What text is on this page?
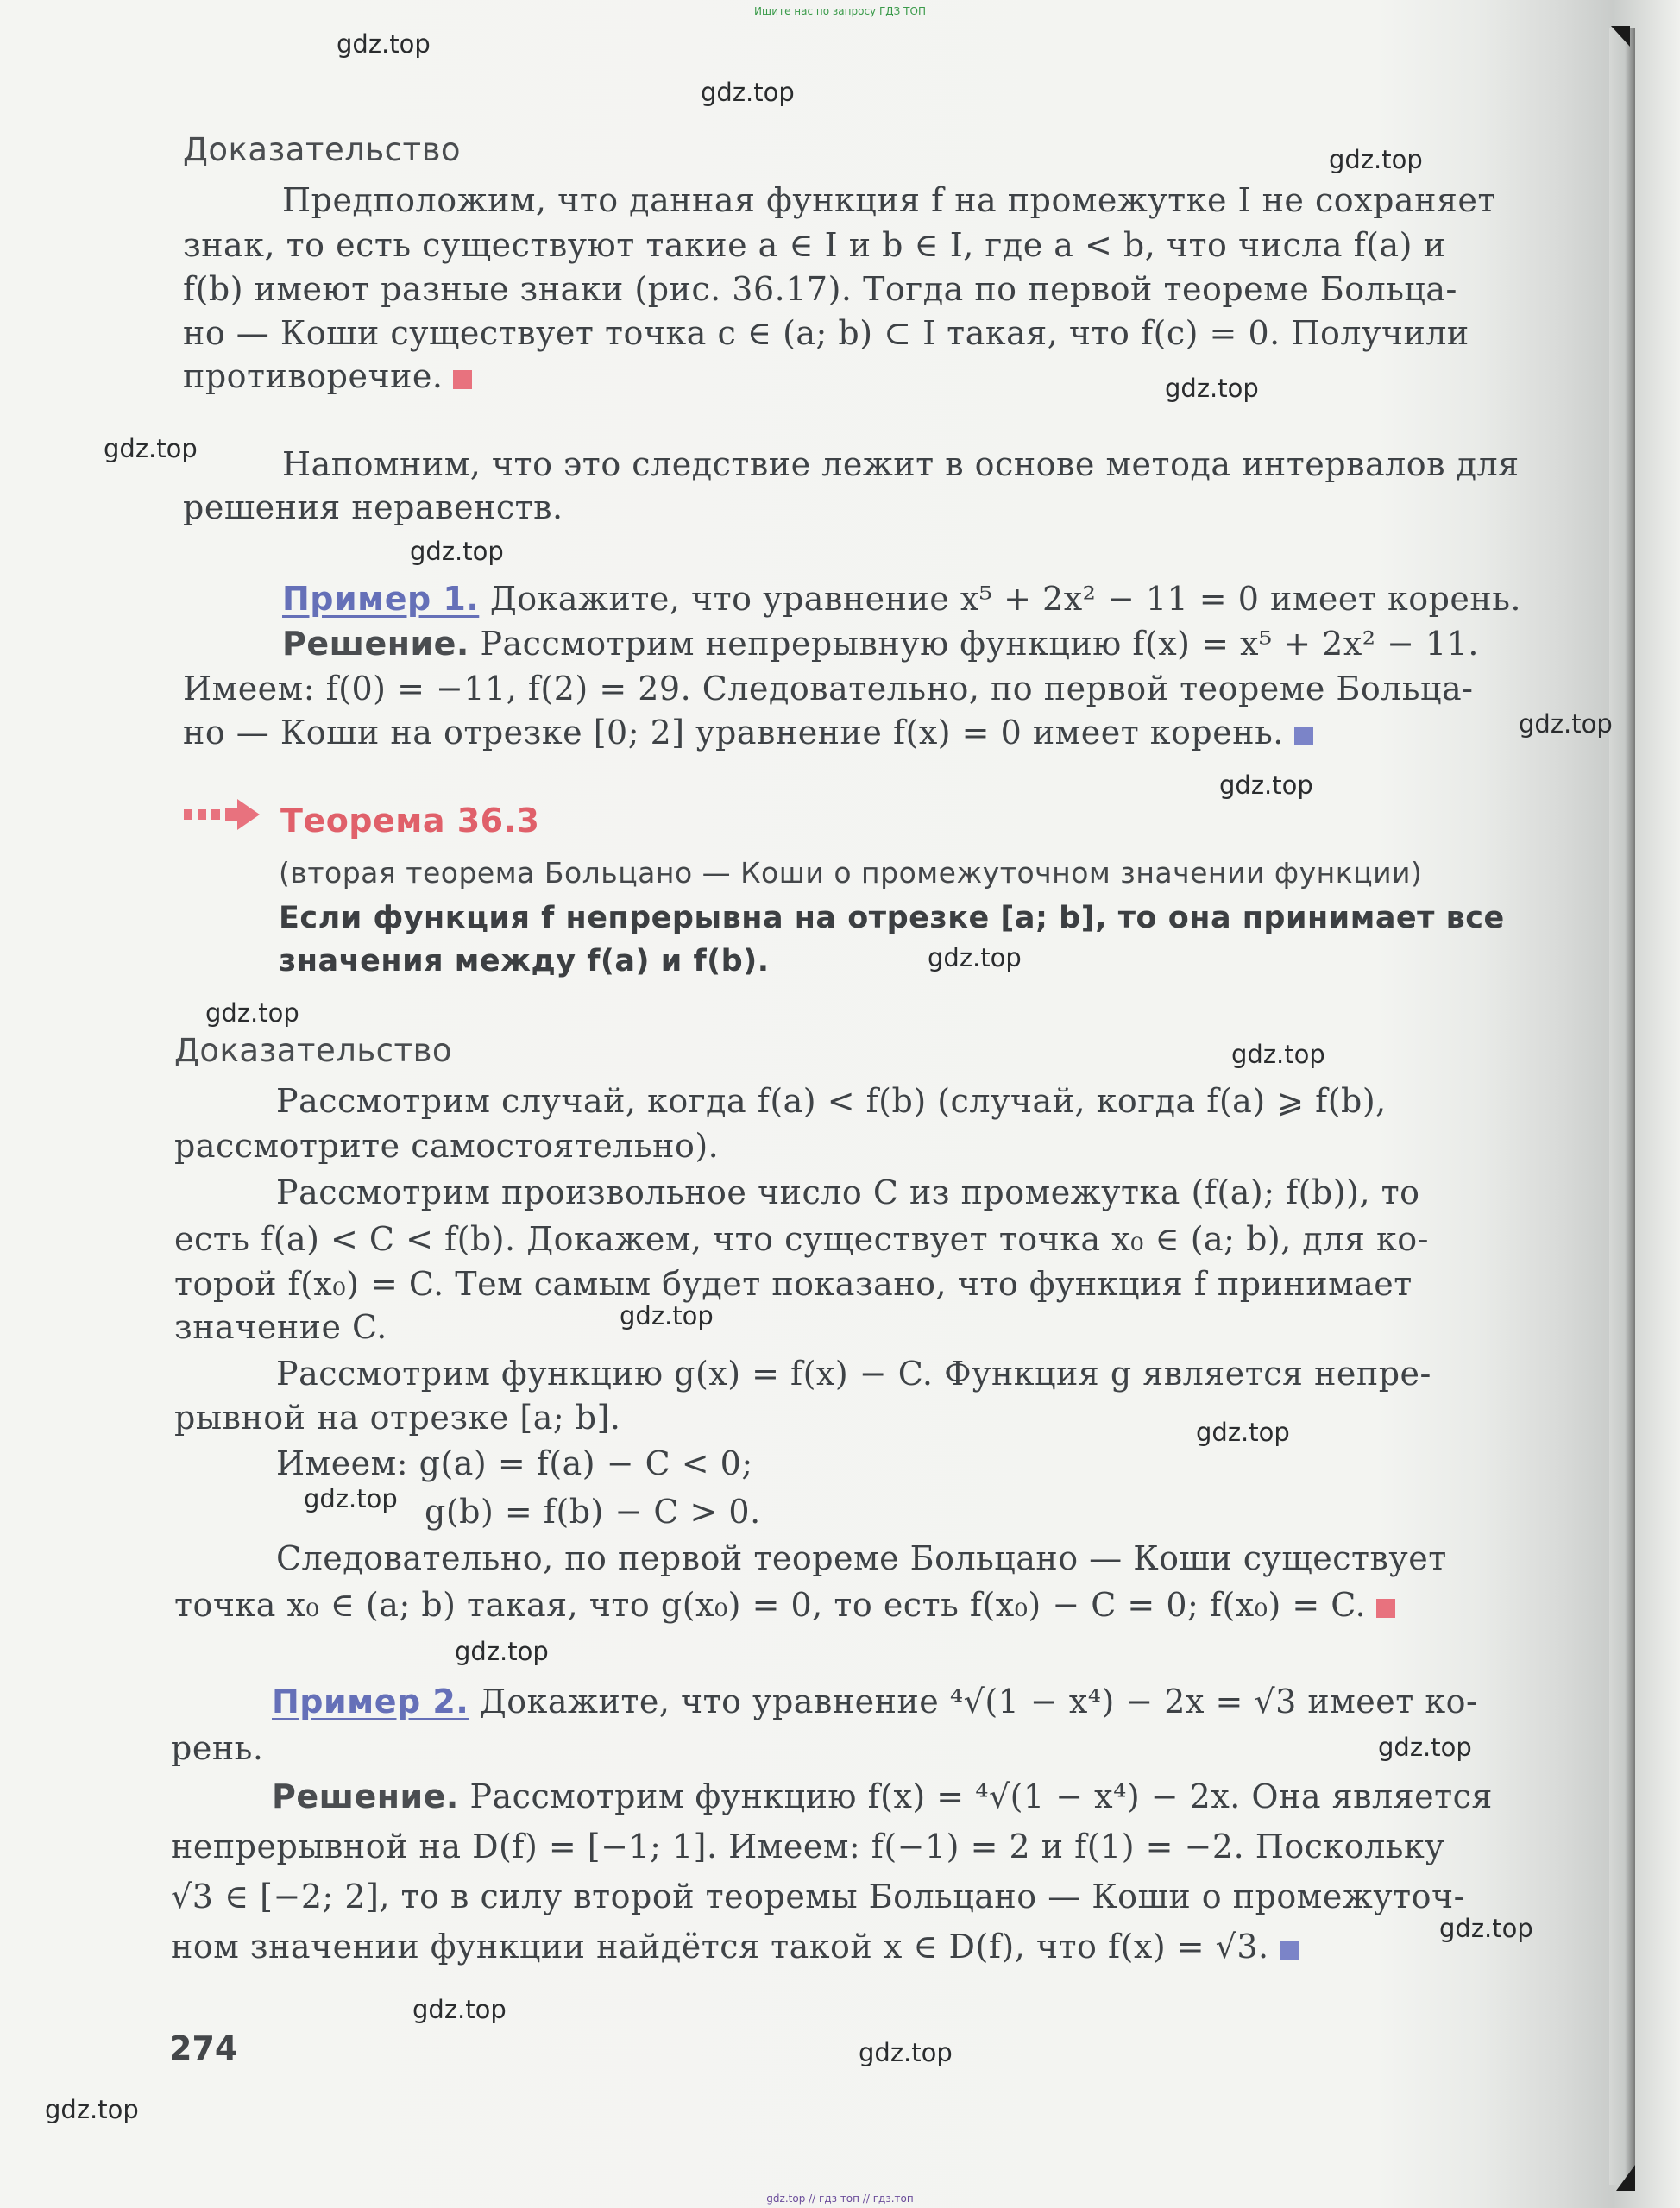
Ищите нас по запросу ГДЗ ТОП
gdz.top
gdz.top
gdz.top
gdz.top
gdz.top
gdz.top
gdz.top
gdz.top
gdz.top
gdz.top
gdz.top
gdz.top
gdz.top
gdz.top
gdz.top
gdz.top
gdz.top
gdz.top
gdz.top
gdz.top
Доказательство
Предположим, что данная функция f на промежутке I не сохраняет
знак, то есть существуют такие a ∈ I и b ∈ I, где a < b, что числа f(a) и
f(b) имеют разные знаки (рис. 36.17). Тогда по первой теореме Больца-
но — Коши существует точка c ∈ (a; b) ⊂ I такая, что f(c) = 0. Получили
противоречие.
Напомним, что это следствие лежит в основе метода интервалов для
решения неравенств.
Пример 1. Докажите, что уравнение x⁵ + 2x² − 11 = 0 имеет корень.
Решение. Рассмотрим непрерывную функцию f(x) = x⁵ + 2x² − 11.
Имеем: f(0) = −11, f(2) = 29. Следовательно, по первой теореме Больца-
но — Коши на отрезке [0; 2] уравнение f(x) = 0 имеет корень.
Теорема 36.3
(вторая теорема Больцано — Коши о промежуточном значении функции)
Если функция f непрерывна на отрезке [a; b], то она принимает все
значения между f(a) и f(b).
Доказательство
Рассмотрим случай, когда f(a) < f(b) (случай, когда f(a) ⩾ f(b),
рассмотрите самостоятельно).
Рассмотрим произвольное число C из промежутка (f(a); f(b)), то
есть f(a) < C < f(b). Докажем, что существует точка x₀ ∈ (a; b), для ко-
торой f(x₀) = C. Тем самым будет показано, что функция f принимает
значение C.
Рассмотрим функцию g(x) = f(x) − C. Функция g является непре-
рывной на отрезке [a; b].
Имеем: g(a) = f(a) − C < 0;
g(b) = f(b) − C > 0.
Следовательно, по первой теореме Больцано — Коши существует
точка x₀ ∈ (a; b) такая, что g(x₀) = 0, то есть f(x₀) − C = 0; f(x₀) = C.
Пример 2. Докажите, что уравнение ⁴√(1 − x⁴) − 2x = √3 имеет ко-
рень.
Решение. Рассмотрим функцию f(x) = ⁴√(1 − x⁴) − 2x. Она является
непрерывной на D(f) = [−1; 1]. Имеем: f(−1) = 2 и f(1) = −2. Поскольку
√3 ∈ [−2; 2], то в силу второй теоремы Больцано — Коши о промежуточ-
ном значении функции найдётся такой x ∈ D(f), что f(x) = √3.
274
gdz.top // гдз топ // гдз.топ
